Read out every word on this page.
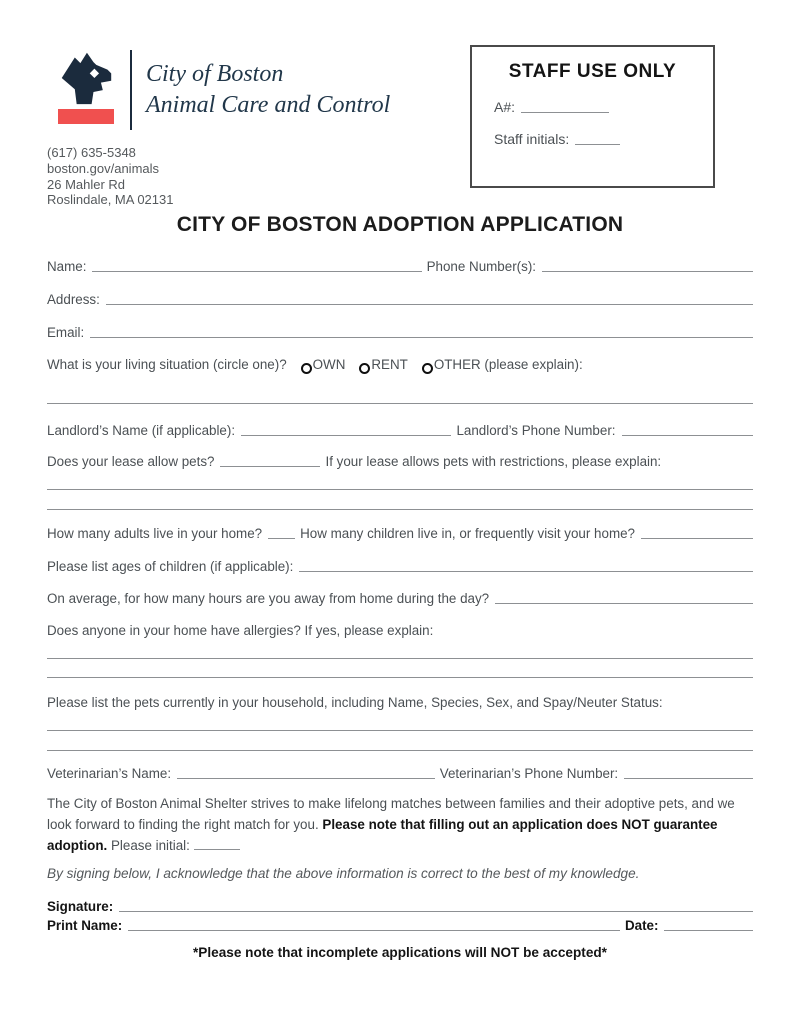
City of Boston
Animal Care and Control
(617) 635-5348
boston.gov/animals
26 Mahler Rd
Roslindale, MA 02131
STAFF USE ONLY
A#:
Staff initials:
CITY OF BOSTON ADOPTION APPLICATION
Name:	Phone Number(s):
Address:
Email:
What is your living situation (circle one)? OWN RENT OTHER (please explain):
Landlord’s Name (if applicable):	Landlord’s Phone Number:
Does your lease allow pets?	If your lease allows pets with restrictions, please explain:
How many adults live in your home?	How many children live in, or frequently visit your home?
Please list ages of children (if applicable):
On average, for how many hours are you away from home during the day?
Does anyone in your home have allergies? If yes, please explain:
Please list the pets currently in your household, including Name, Species, Sex, and Spay/Neuter Status:
Veterinarian’s Name:	Veterinarian’s Phone Number:
The City of Boston Animal Shelter strives to make lifelong matches between families and their adoptive pets, and we look forward to finding the right match for you. Please note that filling out an application does NOT guarantee adoption. Please initial:
By signing below, I acknowledge that the above information is correct to the best of my knowledge.
Signature:
Print Name:	Date:
*Please note that incomplete applications will NOT be accepted*
